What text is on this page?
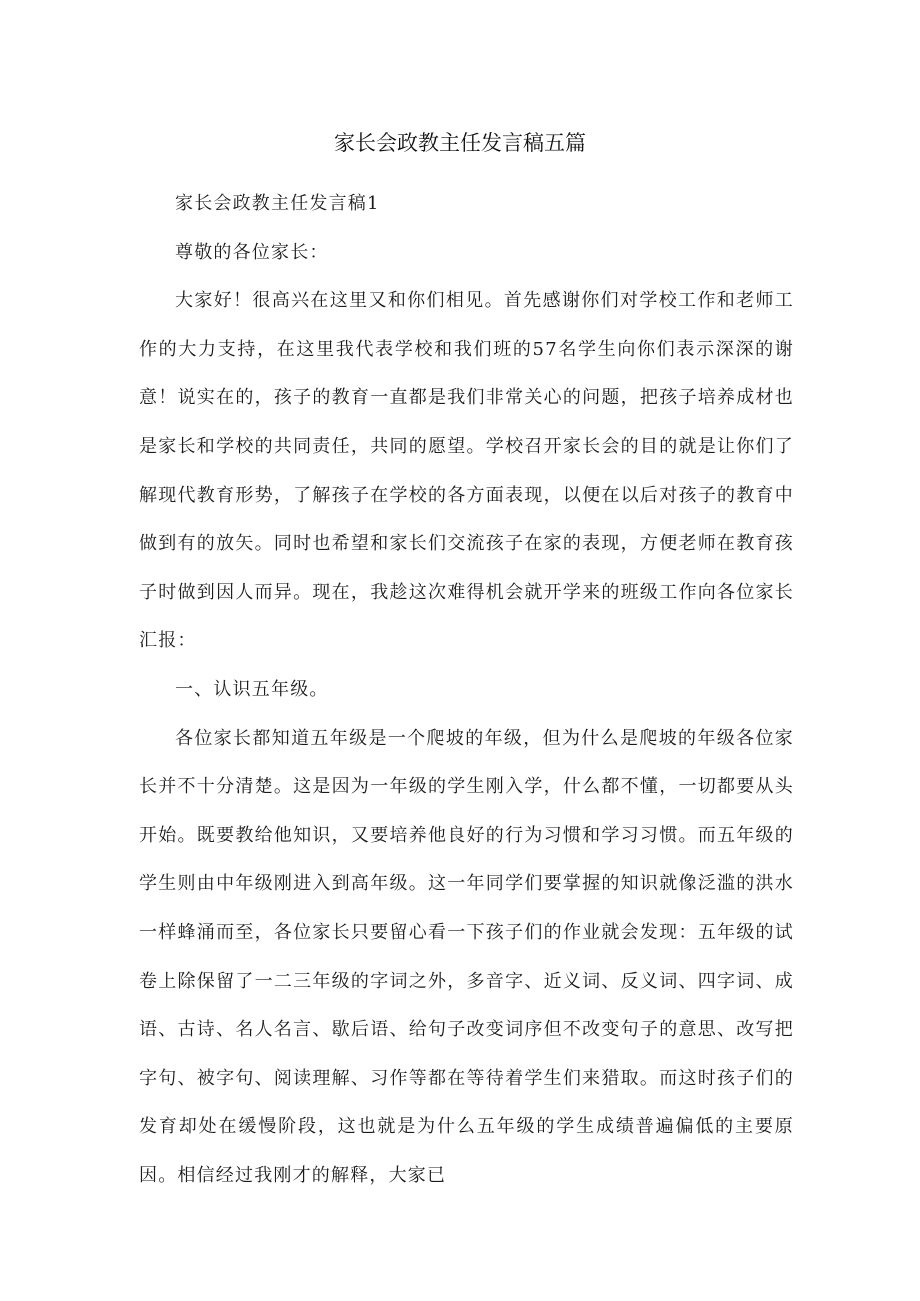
家长会政教主任发言稿五篇

家长会政教主任发言稿1

尊敬的各位家长：

大家好！很高兴在这里又和你们相见。首先感谢你们对学校工作和老师工作的大力支持，在这里我代表学校和我们班的57名学生向你们表示深深的谢意！说实在的，孩子的教育一直都是我们非常关心的问题，把孩子培养成材也是家长和学校的共同责任，共同的愿望。学校召开家长会的目的就是让你们了解现代教育形势，了解孩子在学校的各方面表现，以便在以后对孩子的教育中做到有的放矢。同时也希望和家长们交流孩子在家的表现，方便老师在教育孩子时做到因人而异。现在，我趁这次难得机会就开学来的班级工作向各位家长汇报：

一、认识五年级。

各位家长都知道五年级是一个爬坡的年级，但为什么是爬坡的年级各位家长并不十分清楚。这是因为一年级的学生刚入学，什么都不懂，一切都要从头开始。既要教给他知识，又要培养他良好的行为习惯和学习习惯。而五年级的学生则由中年级刚进入到高年级。这一年同学们要掌握的知识就像泛滥的洪水一样蜂涌而至，各位家长只要留心看一下孩子们的作业就会发现：五年级的试卷上除保留了一二三年级的字词之外，多音字、近义词、反义词、四字词、成语、古诗、名人名言、歇后语、给句子改变词序但不改变句子的意思、改写把字句、被字句、阅读理解、习作等都在等待着学生们来猎取。而这时孩子们的发育却处在缓慢阶段，这也就是为什么五年级的学生成绩普遍偏低的主要原因。相信经过我刚才的解释，大家已
